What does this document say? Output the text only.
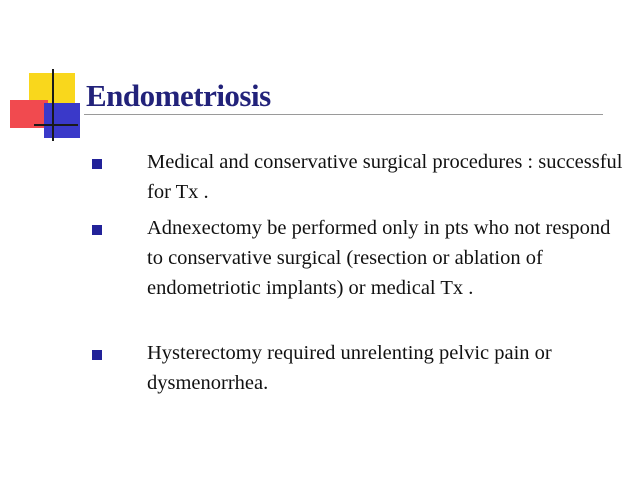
Endometriosis
Medical and conservative surgical procedures : successful for Tx .
Adnexectomy be performed only in pts who not respond to conservative surgical (resection or ablation of endometriotic implants) or medical Tx .
Hysterectomy required unrelenting pelvic pain or dysmenorrhea.
